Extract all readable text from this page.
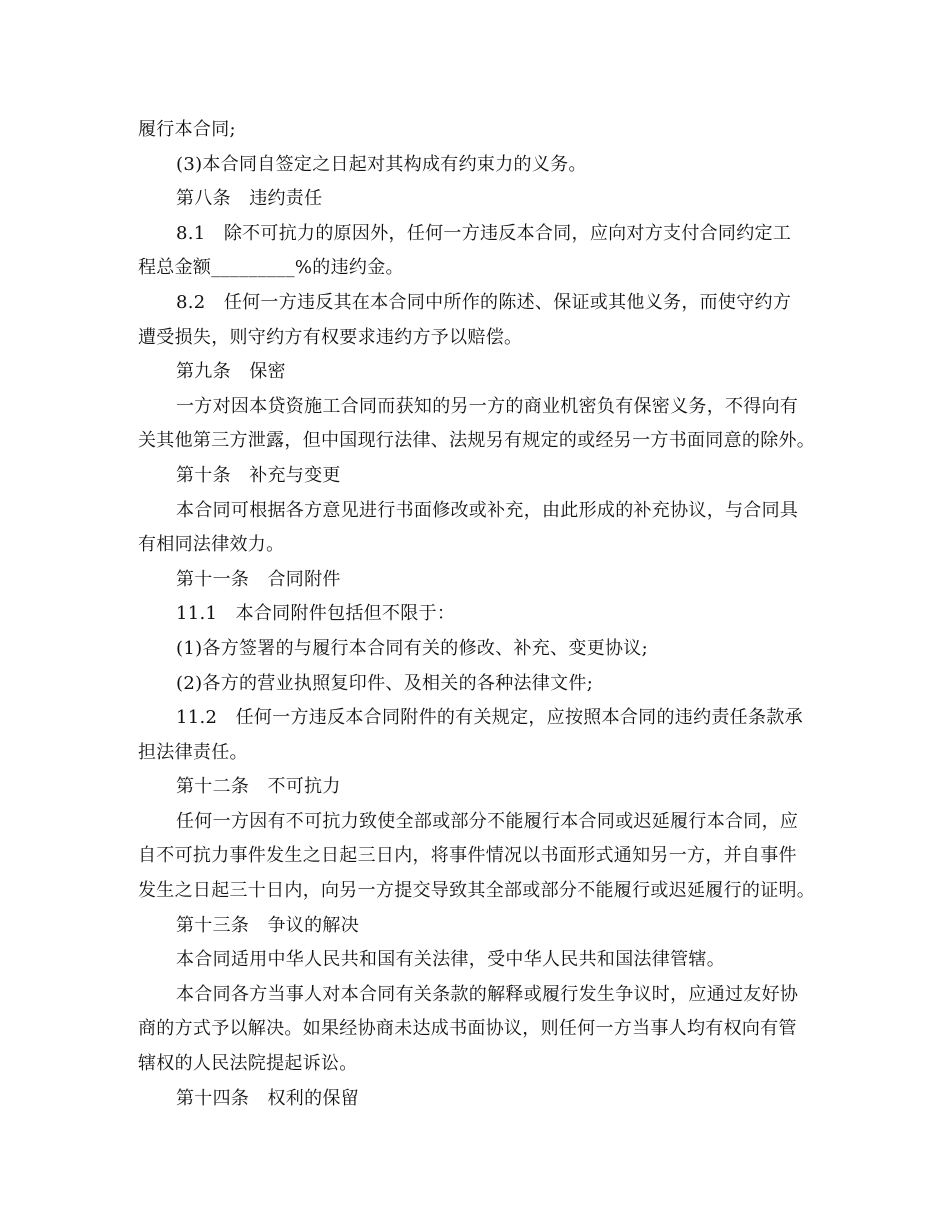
履行本合同;

(3)本合同自签定之日起对其构成有约束力的义务。

第八条　违约责任

8.1　除不可抗力的原因外，任何一方违反本合同，应向对方支付合同约定工

程总金额_________%的违约金。

8.2　任何一方违反其在本合同中所作的陈述、保证或其他义务，而使守约方

遭受损失，则守约方有权要求违约方予以赔偿。

第九条　保密

一方对因本贷资施工合同而获知的另一方的商业机密负有保密义务，不得向有

关其他第三方泄露，但中国现行法律、法规另有规定的或经另一方书面同意的除外。

第十条　补充与变更

本合同可根据各方意见进行书面修改或补充，由此形成的补充协议，与合同具

有相同法律效力。

第十一条　合同附件

11.1　本合同附件包括但不限于：

(1)各方签署的与履行本合同有关的修改、补充、变更协议;

(2)各方的营业执照复印件、及相关的各种法律文件;

11.2　任何一方违反本合同附件的有关规定，应按照本合同的违约责任条款承

担法律责任。

第十二条　不可抗力

任何一方因有不可抗力致使全部或部分不能履行本合同或迟延履行本合同，应

自不可抗力事件发生之日起三日内，将事件情况以书面形式通知另一方，并自事件

发生之日起三十日内，向另一方提交导致其全部或部分不能履行或迟延履行的证明。

第十三条　争议的解决

本合同适用中华人民共和国有关法律，受中华人民共和国法律管辖。

本合同各方当事人对本合同有关条款的解释或履行发生争议时，应通过友好协

商的方式予以解决。如果经协商未达成书面协议，则任何一方当事人均有权向有管

辖权的人民法院提起诉讼。

第十四条　权利的保留
